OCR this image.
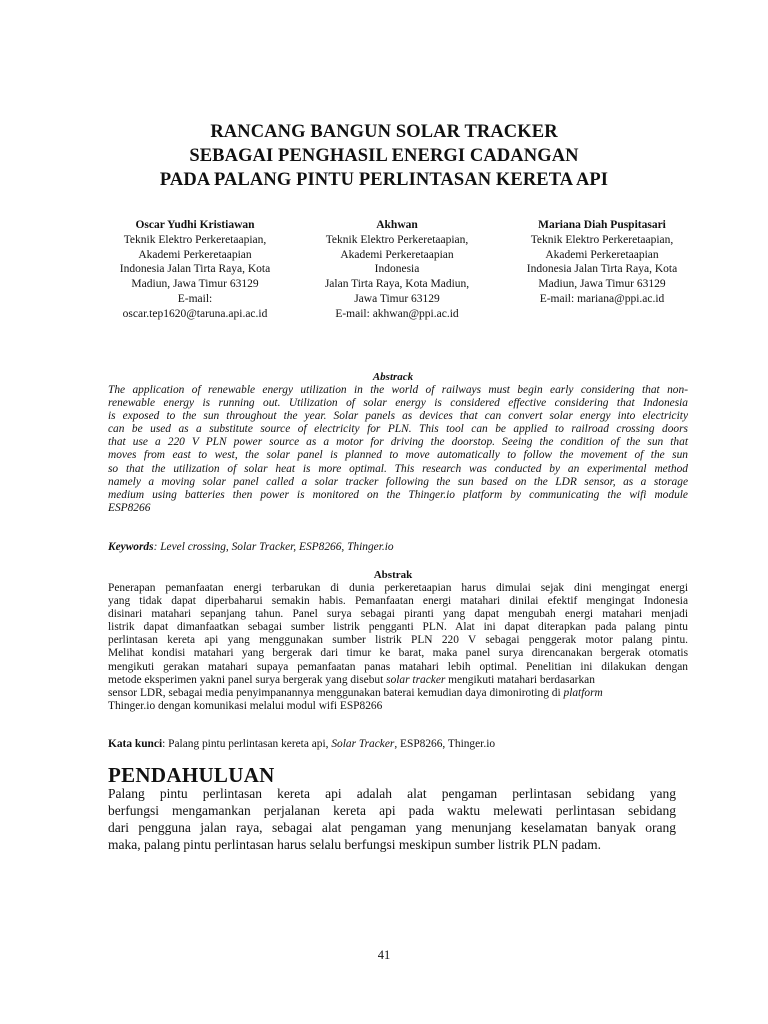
RANCANG BANGUN SOLAR TRACKER
SEBAGAI PENGHASIL ENERGI CADANGAN
PADA PALANG PINTU PERLINTASAN KERETA API
Oscar Yudhi Kristiawan
Teknik Elektro Perkeretaapian,
Akademi Perkeretaapian
Indonesia Jalan Tirta Raya, Kota
Madiun, Jawa Timur 63129
E-mail:
oscar.tep1620@taruna.api.ac.id
Akhwan
Teknik Elektro Perkeretaapian,
Akademi Perkeretaapian
Indonesia
Jalan Tirta Raya, Kota Madiun,
Jawa Timur 63129
E-mail: akhwan@ppi.ac.id
Mariana Diah Puspitasari
Teknik Elektro Perkeretaapian,
Akademi Perkeretaapian
Indonesia Jalan Tirta Raya, Kota
Madiun, Jawa Timur 63129
E-mail: mariana@ppi.ac.id
Abstrack
The application of renewable energy utilization in the world of railways must begin early considering that non-
renewable energy is running out. Utilization of solar energy is considered effective considering that Indonesia
is exposed to the sun throughout the year. Solar panels as devices that can convert solar energy into electricity
can be used as a substitute source of electricity for PLN. This tool can be applied to railroad crossing doors
that use a 220 V PLN power source as a motor for driving the doorstop. Seeing the condition of the sun that
moves from east to west, the solar panel is planned to move automatically to follow the movement of the sun
so that the utilization of solar heat is more optimal. This research was conducted by an experimental method
namely a moving solar panel called a solar tracker following the sun based on the LDR sensor, as a storage
medium using batteries then power is monitored on the Thinger.io platform by communicating the wifi module
ESP8266
Keywords: Level crossing, Solar Tracker, ESP8266, Thinger.io
Abstrak
Penerapan pemanfaatan energi terbarukan di dunia perkeretaapian harus dimulai sejak dini mengingat energi
yang tidak dapat diperbaharui semakin habis. Pemanfaatan energi matahari dinilai efektif mengingat Indonesia
disinari matahari sepanjang tahun. Panel surya sebagai piranti yang dapat mengubah energi matahari menjadi
listrik dapat dimanfaatkan sebagai sumber listrik pengganti PLN. Alat ini dapat diterapkan pada palang pintu
perlintasan kereta api yang menggunakan sumber listrik PLN 220 V sebagai penggerak motor palang pintu.
Melihat kondisi matahari yang bergerak dari timur ke barat, maka panel surya direncanakan bergerak otomatis
mengikuti gerakan matahari supaya pemanfaatan panas matahari lebih optimal. Penelitian ini dilakukan dengan
metode eksperimen yakni panel surya bergerak yang disebut solar tracker mengikuti matahari berdasarkan
sensor LDR, sebagai media penyimpanannya menggunakan baterai kemudian daya dimoniroting di platform
Thinger.io dengan komunikasi melalui modul wifi ESP8266
Kata kunci: Palang pintu perlintasan kereta api, Solar Tracker, ESP8266, Thinger.io
PENDAHULUAN
Palang pintu perlintasan kereta api adalah alat pengaman perlintasan sebidang yang
berfungsi mengamankan perjalanan kereta api pada waktu melewati perlintasan sebidang
dari pengguna jalan raya, sebagai alat pengaman yang menunjang keselamatan banyak orang
maka, palang pintu perlintasan harus selalu berfungsi meskipun sumber listrik PLN padam.
41
